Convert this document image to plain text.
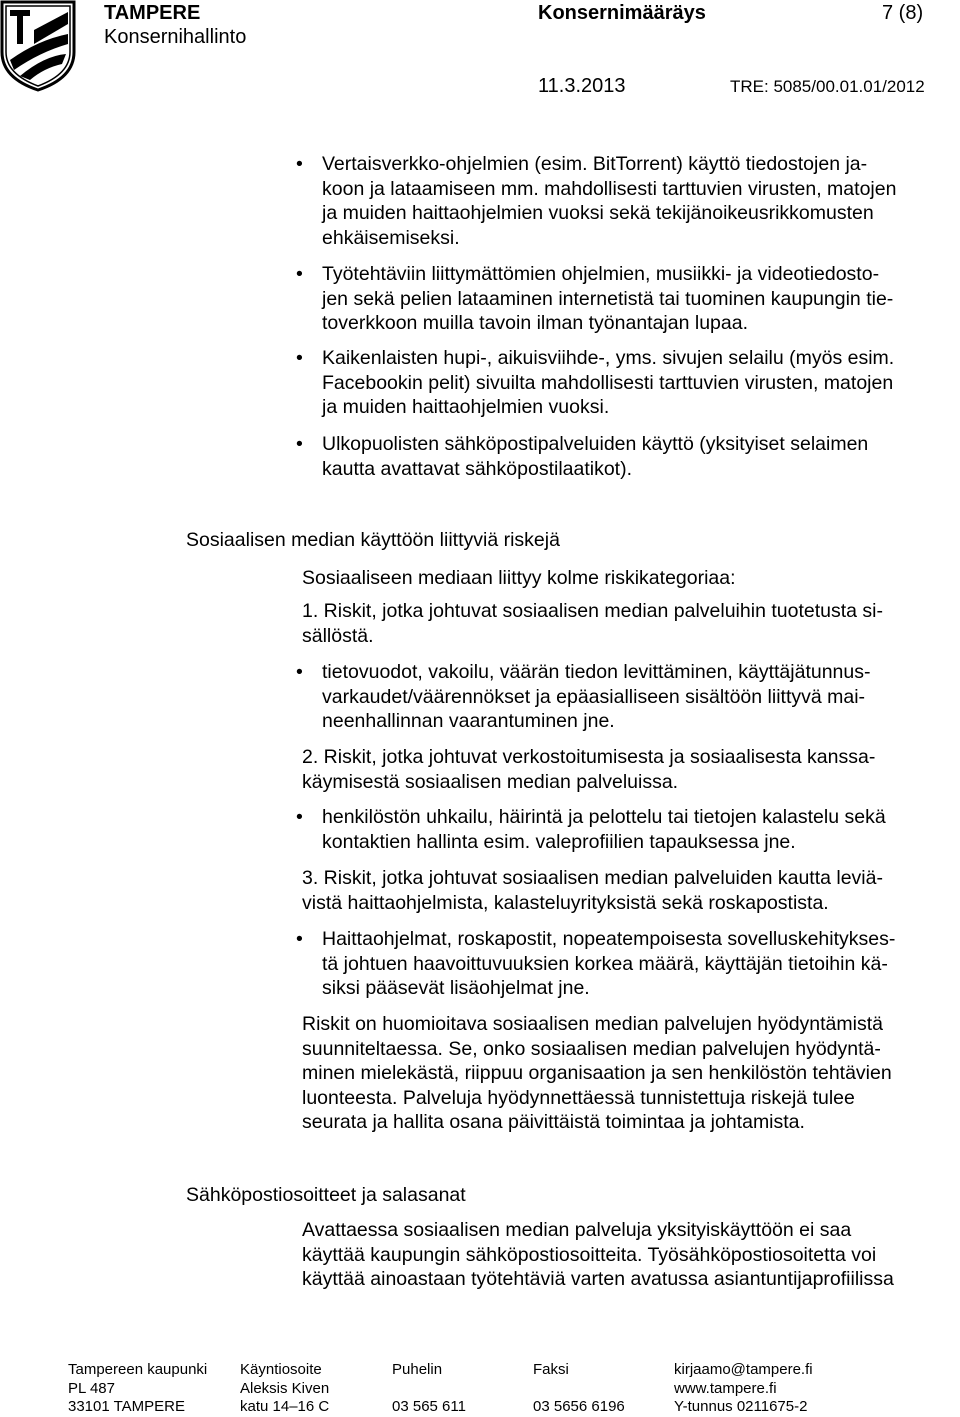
TAMPERE
Konsernihallinto
Konsernimääräys	7 (8)
11.3.2013	TRE: 5085/00.01.01/2012
• Vertaisverkko-ohjelmien (esim. BitTorrent) käyttö tiedostojen ja-
koon ja lataamiseen mm. mahdollisesti tarttuvien virusten, matojen
ja muiden haittaohjelmien vuoksi sekä tekijänoikeusrikkomusten
ehkäisemiseksi.
• Työtehtäviin liittymättömien ohjelmien, musiikki- ja videotiedosto-
jen sekä pelien lataaminen internetistä tai tuominen kaupungin tie-
toverkkoon muilla tavoin ilman työnantajan lupaa.
• Kaikenlaisten hupi-, aikuisviihde-, yms. sivujen selailu (myös esim.
Facebookin pelit) sivuilta mahdollisesti tarttuvien virusten, matojen
ja muiden haittaohjelmien vuoksi.
• Ulkopuolisten sähköpostipalveluiden käyttö (yksityiset selaimen
kautta avattavat sähköpostilaatikot).
Sosiaalisen median käyttöön liittyviä riskejä
Sosiaaliseen mediaan liittyy kolme riskikategoriaa:
1. Riskit, jotka johtuvat sosiaalisen median palveluihin tuotetusta si-
sällöstä.
• tietovuodot, vakoilu, väärän tiedon levittäminen, käyttäjätunnus-
varkaudet/väärennökset ja epäasialliseen sisältöön liittyvä mai-
neenhallinnan vaarantuminen jne.
2. Riskit, jotka johtuvat verkostoitumisesta ja sosiaalisesta kanssa-
käymisestä sosiaalisen median palveluissa.
• henkilöstön uhkailu, häirintä ja pelottelu tai tietojen kalastelu sekä
kontaktien hallinta esim. valeprofiilien tapauksessa jne.
3. Riskit, jotka johtuvat sosiaalisen median palveluiden kautta leviä-
vistä haittaohjelmista, kalasteluyrityksistä sekä roskapostista.
• Haittaohjelmat, roskapostit, nopeatempoisesta sovelluskehitykses-
tä johtuen haavoittuvuuksien korkea määrä, käyttäjän tietoihin kä-
siksi pääsevät lisäohjelmat jne.
Riskit on huomioitava sosiaalisen median palvelujen hyödyntämistä
suunniteltaessa. Se, onko sosiaalisen median palvelujen hyödyntä-
minen mielekästä, riippuu organisaation ja sen henkilöstön tehtävien
luonteesta. Palveluja hyödynnettäessä tunnistettuja riskejä tulee
seurata ja hallita osana päivittäistä toimintaa ja johtamista.
Sähköpostiosoitteet ja salasanat
Avattaessa sosiaalisen median palveluja yksityiskäyttöön ei saa
käyttää kaupungin sähköpostiosoitteita. Työsähköpostiosoitetta voi
käyttää ainoastaan työtehtäviä varten avatussa asiantuntijaprofiilissa
Tampereen kaupunki
PL 487
33101 TAMPERE
Käyntiosoite
Aleksis Kiven
katu 14–16 C
Puhelin

03 565 611
Faksi

03 5656 6196
kirjaamo@tampere.fi
www.tampere.fi
Y-tunnus 0211675-2
